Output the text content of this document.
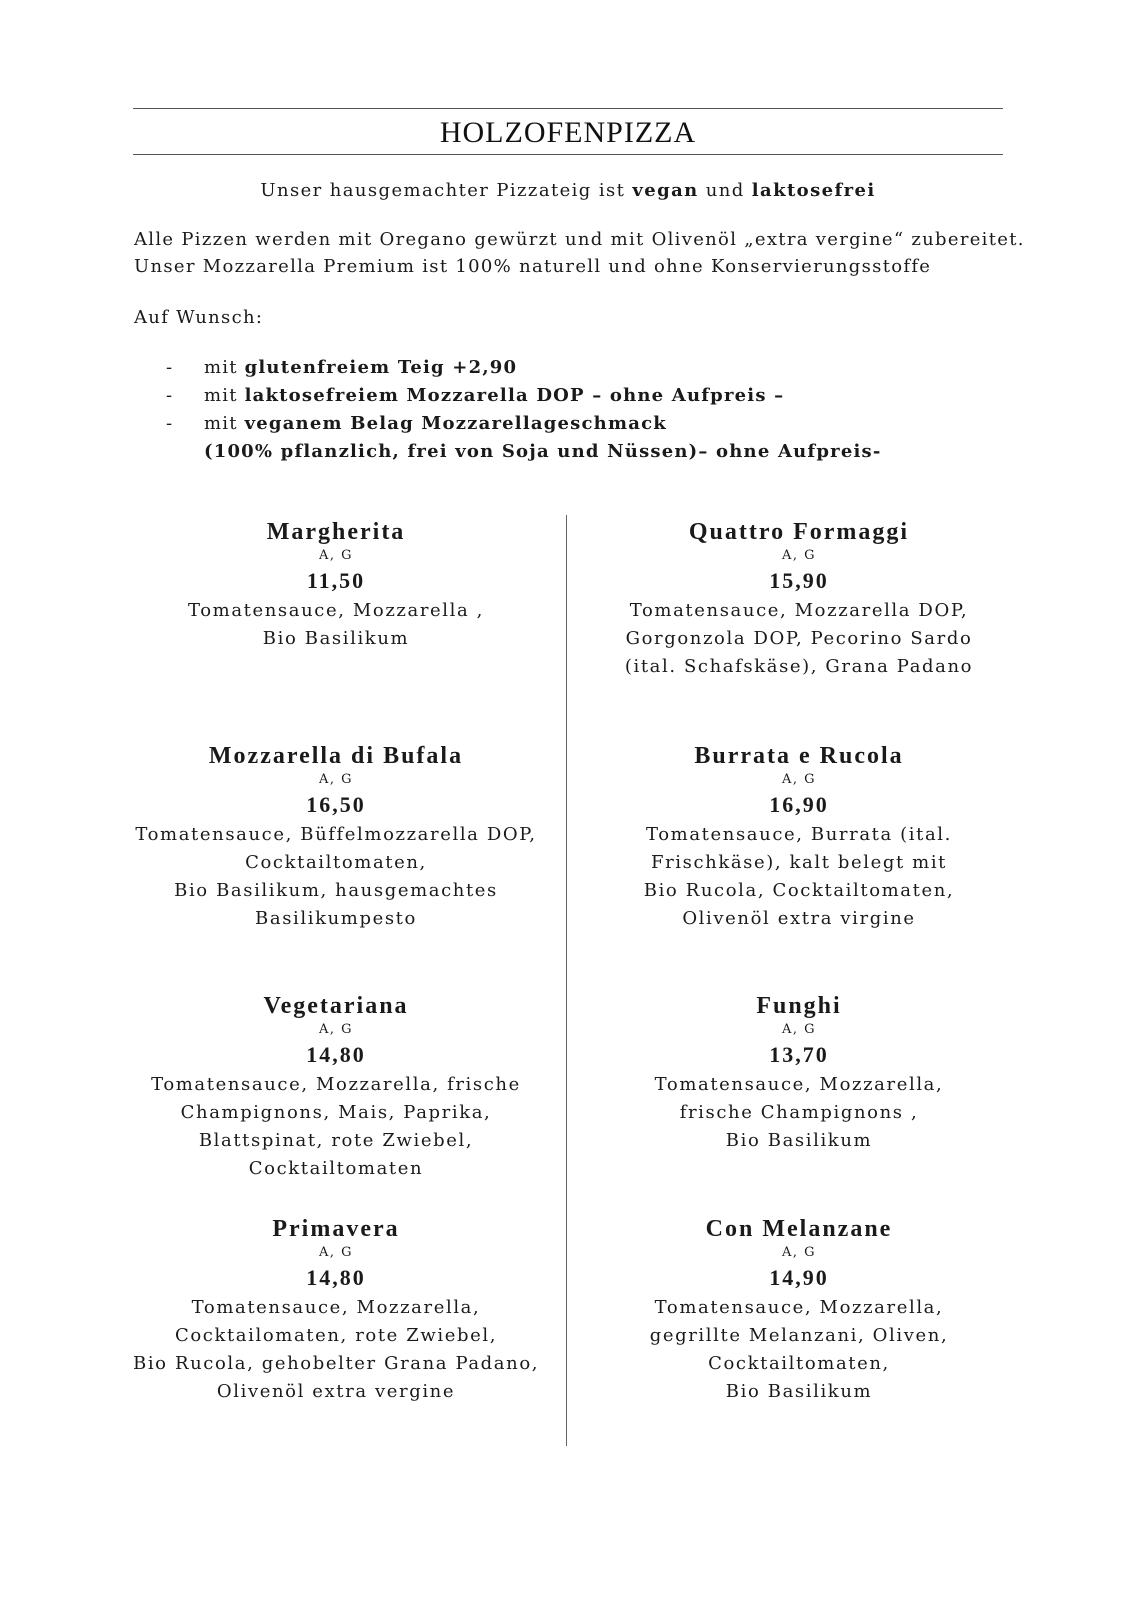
HOLZOFENPIZZA
Unser hausgemachter Pizzateig ist vegan und laktosefrei
Alle Pizzen werden mit Oregano gewürzt und mit Olivenöl „extra vergine“ zubereitet.
Unser Mozzarella Premium ist 100% naturell und ohne Konservierungsstoffe
Auf Wunsch:
-	mit glutenfreiem Teig +2,90
-	mit laktosefreiem Mozzarella DOP – ohne Aufpreis –
-	mit veganem Belag Mozzarellageschmack
(100% pflanzlich, frei von Soja und Nüssen)– ohne Aufpreis-
Margherita
A, G
11,50
Tomatensauce, Mozzarella ,
Bio Basilikum
Quattro Formaggi
A, G
15,90
Tomatensauce, Mozzarella DOP,
Gorgonzola DOP, Pecorino Sardo
(ital. Schafskäse), Grana Padano
Mozzarella di Bufala
A, G
16,50
Tomatensauce, Büffelmozzarella DOP,
Cocktailtomaten,
Bio Basilikum, hausgemachtes
Basilikumpesto
Burrata e Rucola
A, G
16,90
Tomatensauce, Burrata (ital.
Frischkäse), kalt belegt mit
Bio Rucola, Cocktailtomaten,
Olivenöl extra virgine
Vegetariana
A, G
14,80
Tomatensauce, Mozzarella, frische
Champignons, Mais, Paprika,
Blattspinat, rote Zwiebel,
Cocktailtomaten
Funghi
A, G
13,70
Tomatensauce, Mozzarella,
frische Champignons ,
Bio Basilikum
Primavera
A, G
14,80
Tomatensauce, Mozzarella,
Cocktailomaten, rote Zwiebel,
Bio Rucola, gehobelter Grana Padano,
Olivenöl extra vergine
Con Melanzane
A, G
14,90
Tomatensauce, Mozzarella,
gegrillte Melanzani, Oliven,
Cocktailtomaten,
Bio Basilikum
